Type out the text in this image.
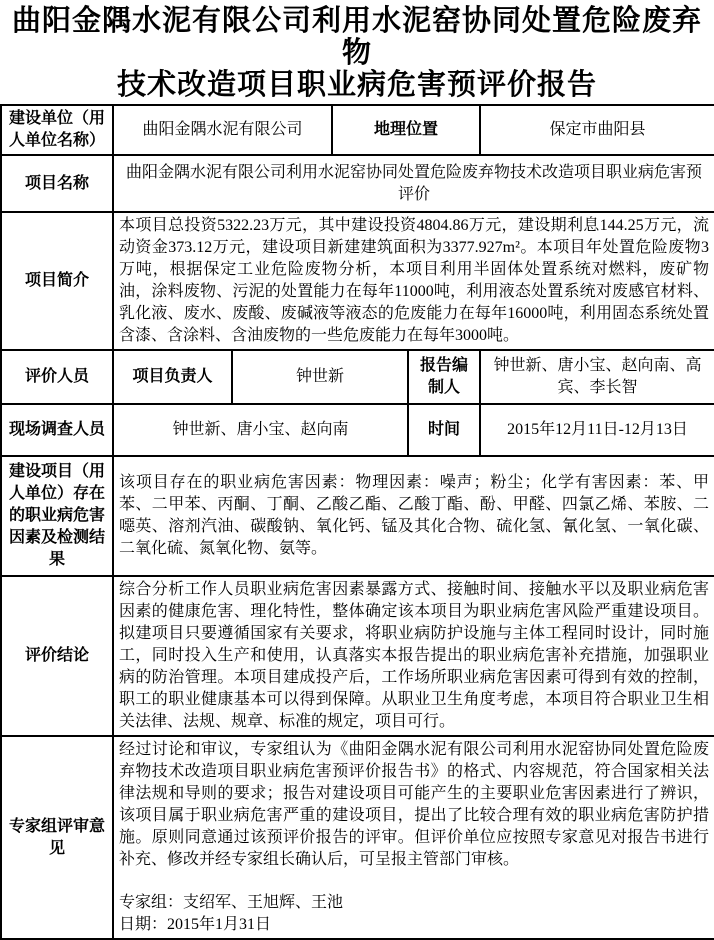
曲阳金隅水泥有限公司利用水泥窑协同处置危险废弃物
技术改造项目职业病危害预评价报告
建设单位（用人单位名称）	曲阳金隅水泥有限公司		地理位置		保定市曲阳县
项目名称	曲阳金隅水泥有限公司利用水泥窑协同处置危险废弃物技术改造项目职业病危害预评价				
项目简介	本项目总投资5322.23万元，其中建设投资4804.86万元，建设期利息144.25万元，流动资金373.12万元，建设项目新建建筑面积为3377.927m²。本项目年处置危险废物3万吨，根据保定工业危险废物分析，本项目利用半固体处置系统对燃料，废矿物油，涂料废物、污泥的处置能力在每年11000吨，利用液态处置系统对废感官材料、乳化液、废水、废酸、废碱液等液态的危废能力在每年16000吨，利用固态系统处置含漆、含涂料、含油废物的一些危废能力在每年3000吨。				
评价人员	项目负责人	钟世新		报告编制人	钟世新、唐小宝、赵向南、高宾、李长智
现场调查人员	钟世新、唐小宝、赵向南			时间	2015年12月11日-12月13日
建设项目（用人单位）存在的职业病危害因素及检测结果	该项目存在的职业病危害因素：物理因素：噪声；粉尘；化学有害因素：苯、甲苯、二甲苯、丙酮、丁酮、乙酸乙酯、乙酸丁酯、酚、甲醛、四氯乙烯、苯胺、二噁英、溶剂汽油、碳酸钠、氧化钙、锰及其化合物、硫化氢、氰化氢、一氧化碳、二氧化硫、氮氧化物、氨等。				
评价结论	综合分析工作人员职业病危害因素暴露方式、接触时间、接触水平以及职业病危害因素的健康危害、理化特性，整体确定该本项目为职业病危害风险严重建设项目。拟建项目只要遵循国家有关要求，将职业病防护设施与主体工程同时设计，同时施工，同时投入生产和使用，认真落实本报告提出的职业病危害补充措施，加强职业病的防治管理。本项目建成投产后，工作场所职业病危害因素可得到有效的控制，职工的职业健康基本可以得到保障。从职业卫生角度考虑，本项目符合职业卫生相关法律、法规、规章、标准的规定，项目可行。				
专家组评审意见	经过讨论和审议，专家组认为《曲阳金隅水泥有限公司利用水泥窑协同处置危险废弃物技术改造项目职业病危害预评价报告书》的格式、内容规范，符合国家相关法律法规和导则的要求；报告对建设项目可能产生的主要职业危害因素进行了辨识，该项目属于职业病危害严重的建设项目，提出了比较合理有效的职业病危害防护措施。原则同意通过该预评价报告的评审。但评价单位应按照专家意见对报告书进行补充、修改并经专家组长确认后，可呈报主管部门审核。
专家组：支绍军、王旭辉、王池
日期：2015年1月31日				
